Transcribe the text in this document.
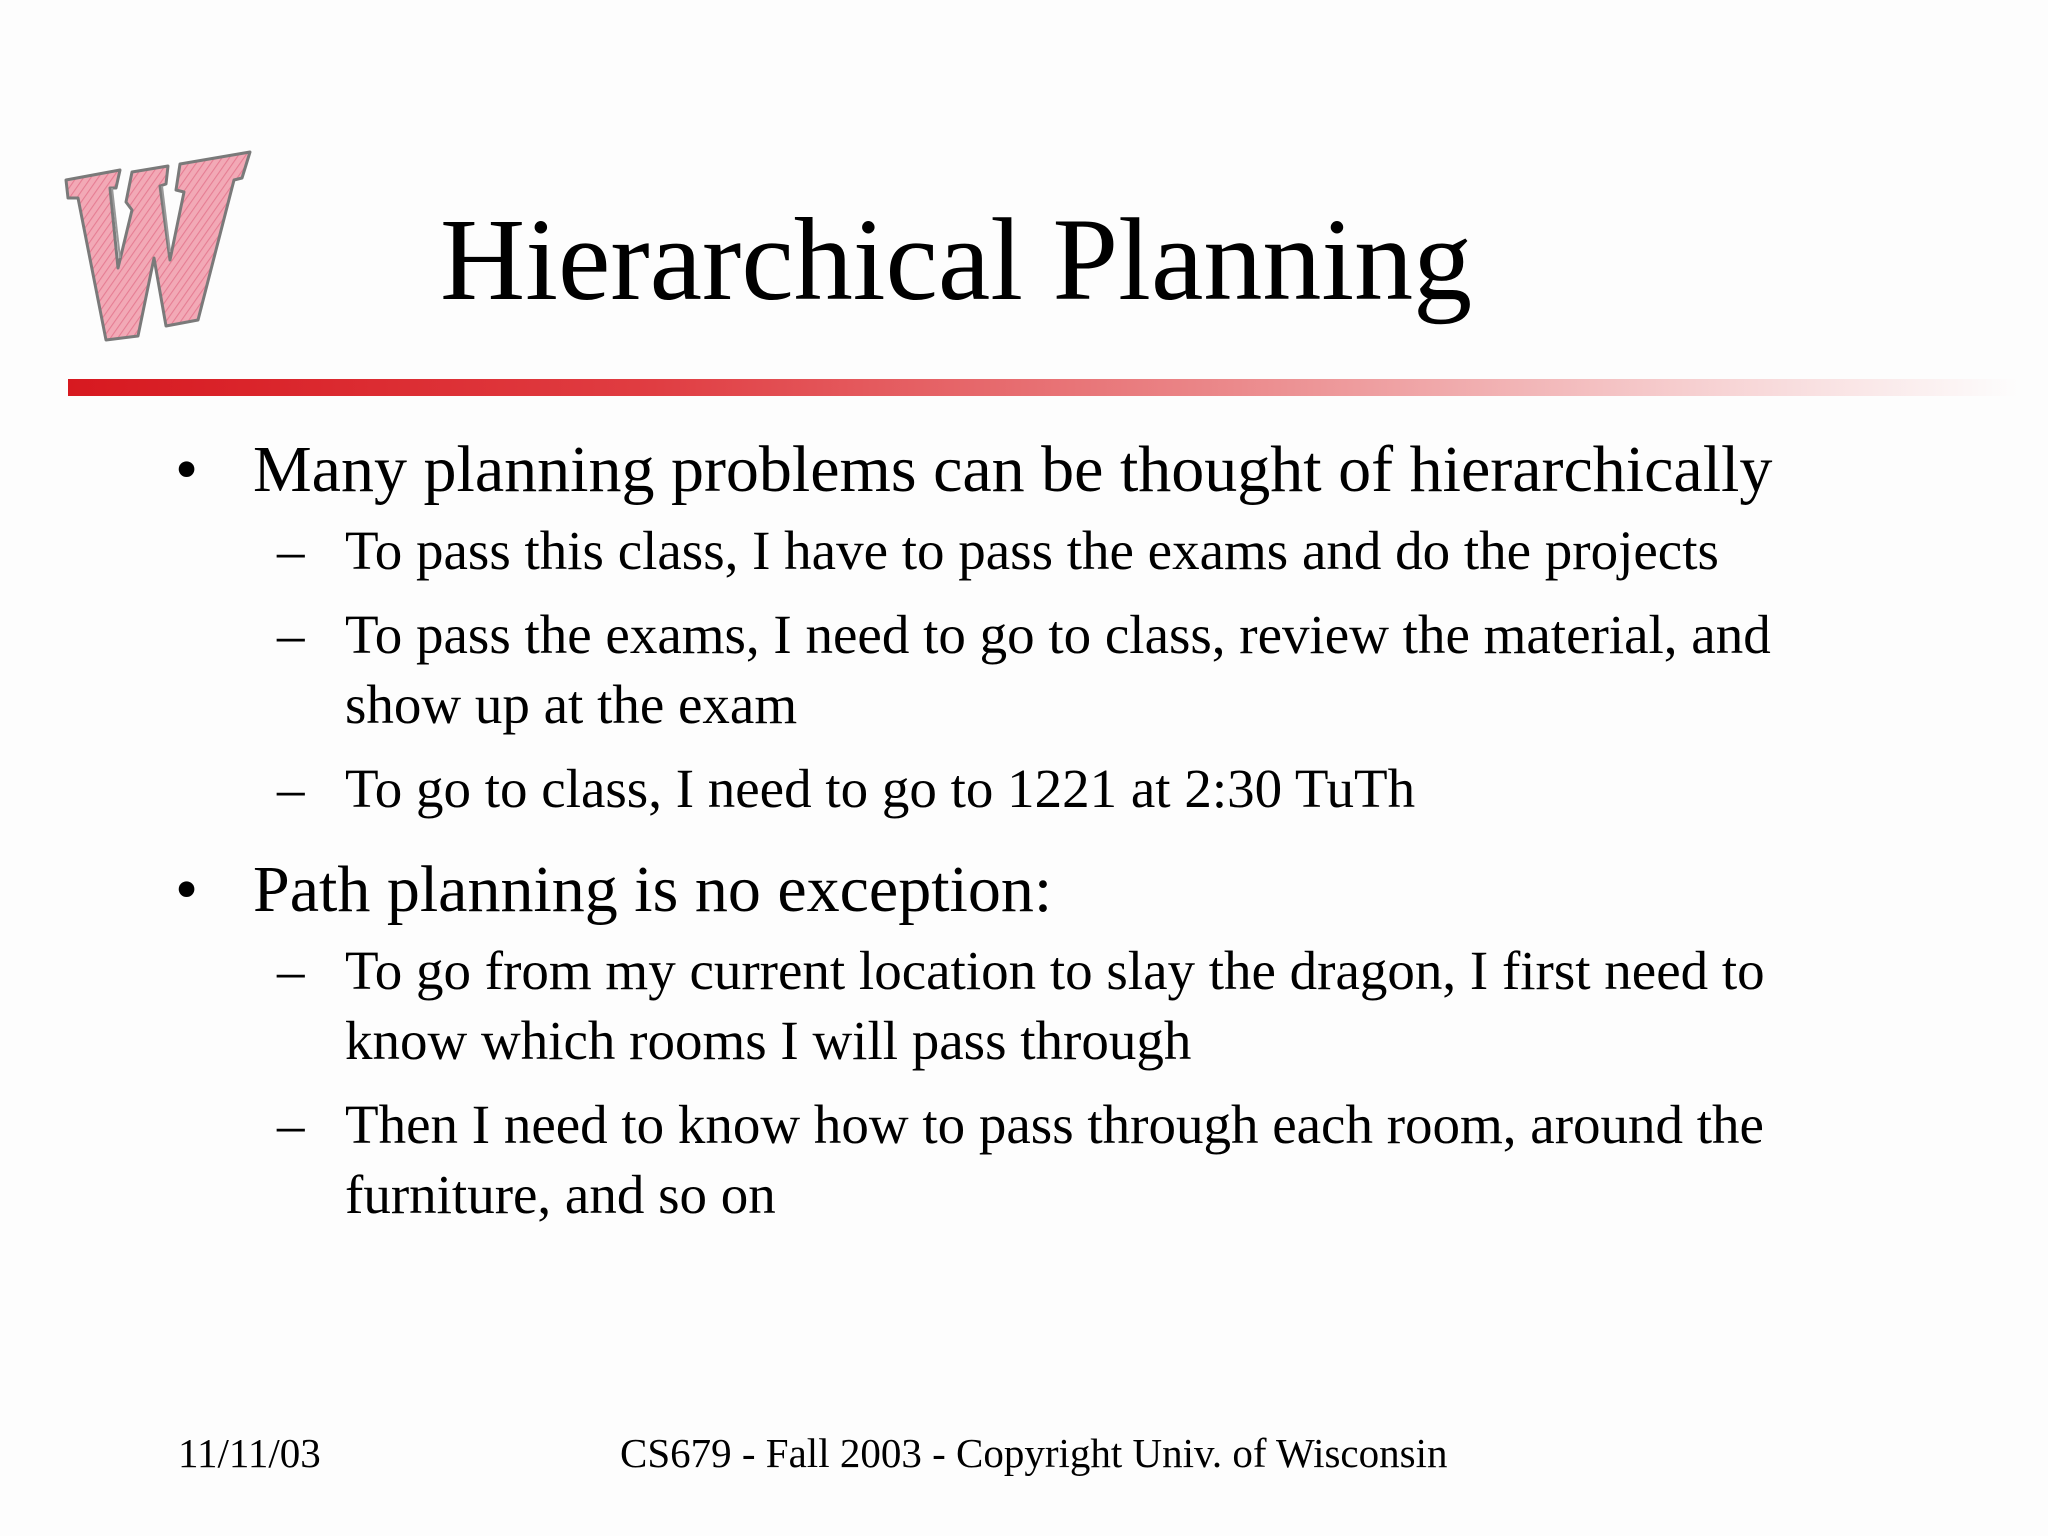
Hierarchical Planning
• Many planning problems can be thought of hierarchically
– To pass this class, I have to pass the exams and do the projects
– To pass the exams, I need to go to class, review the material, and show up at the exam
– To go to class, I need to go to 1221 at 2:30 TuTh
• Path planning is no exception:
– To go from my current location to slay the dragon, I first need to know which rooms I will pass through
– Then I need to know how to pass through each room, around the furniture, and so on
11/11/03	CS679 - Fall 2003 - Copyright Univ. of Wisconsin
